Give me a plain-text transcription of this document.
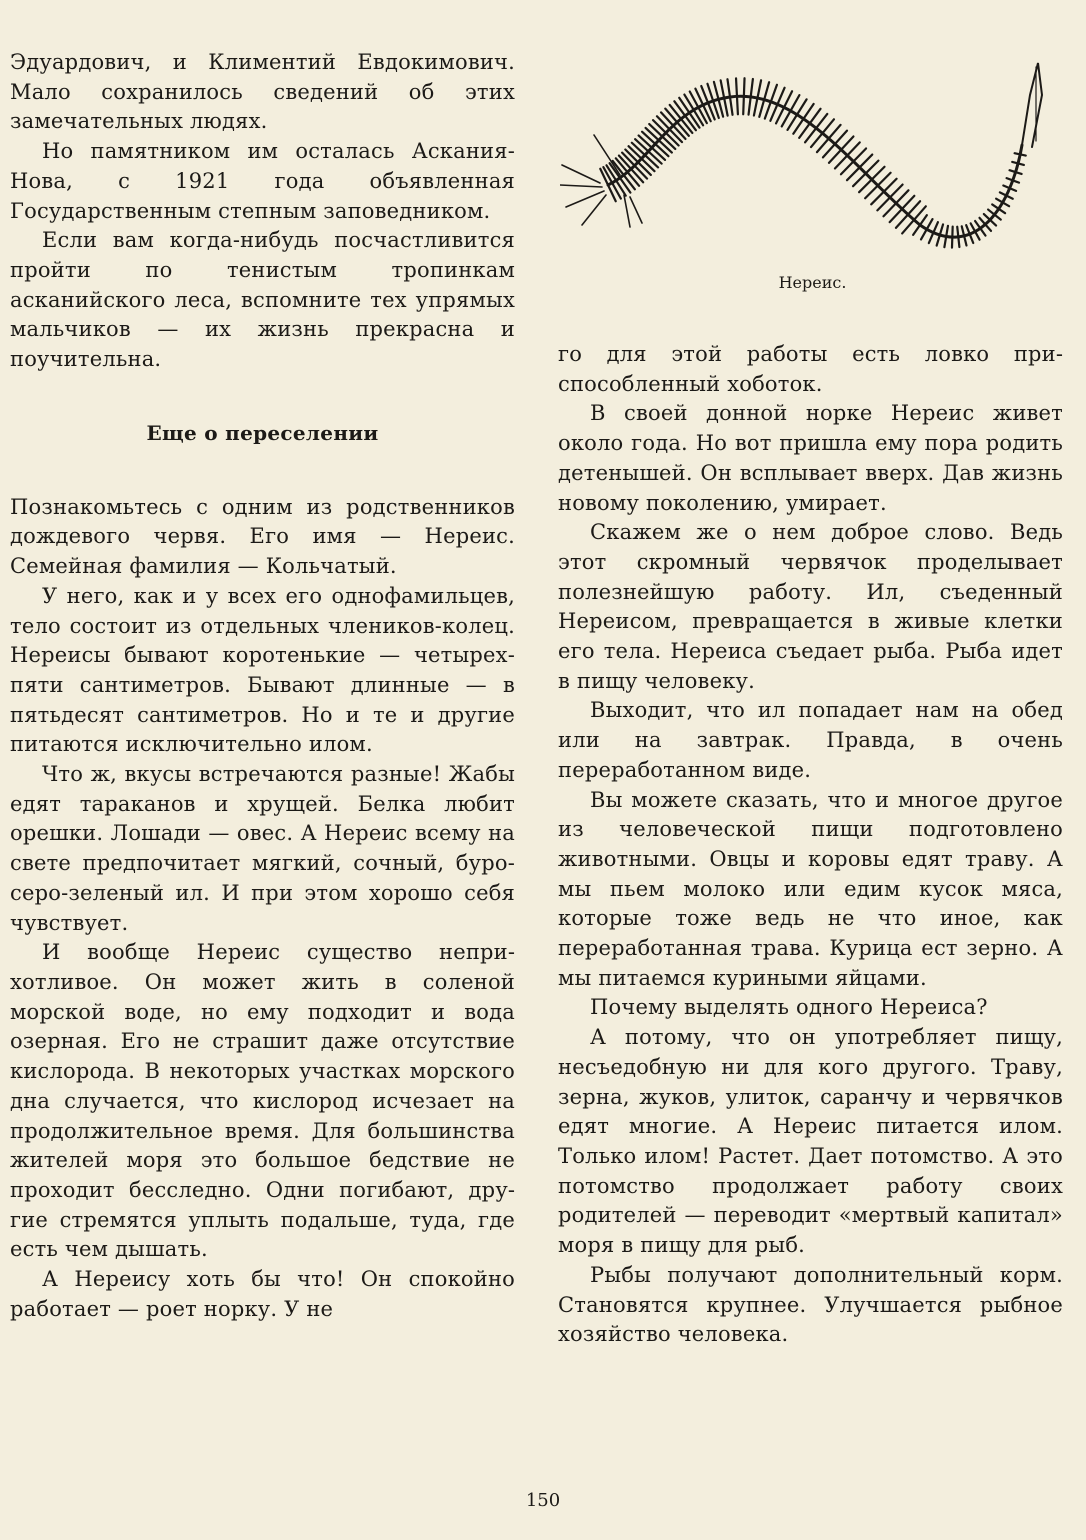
Эдуардович, и Климентий Евдокимович. Мало сохранилось сведений об этих замечательных людях.

Но памятником им осталась Аскания-Нова, с 1921 года объявленная Государственным степным заповедником.

Если вам когда-нибудь посчастливится пройти по тенистым тропинкам асканийского леса, вспомните тех упрямых мальчиков — их жизнь прекрасна и поучительна.

Еще о переселении

Познакомьтесь с одним из родственников дождевого червя. Его имя — Нереис. Семейная фамилия — Кольчатый.

У него, как и у всех его однофамильцев, тело состоит из отдельных члеников-колец. Нереисы бывают коротенькие — четырех-пяти сантиметров. Бывают длинные — в пятьдесят сантиметров. Но и те и другие питаются исключительно илом.

Что ж, вкусы встречаются разные! Жабы едят тараканов и хрущей. Белка любит орешки. Лошади — овес. А Нереис всему на свете предпочитает мягкий, сочный, буро-серо-зеленый ил. И при этом хорошо себя чувствует.

И вообще Нереис существо неприхотливое. Он может жить в соленой морской воде, но ему подходит и вода озерная. Его не страшит даже отсутствие кислорода. В некоторых участках морского дна случается, что кислород исчезает на продолжительное время. Для большинства жителей моря это большое бедствие не проходит бесследно. Одни погибают, другие стремятся уплыть подальше, туда, где есть чем дышать.

А Нереису хоть бы что! Он спокойно работает — роет норку. У не

Нереис.

го для этой работы есть ловко приспособленный хоботок.

В своей донной норке Нереис живет около года. Но вот пришла ему пора родить детенышей. Он всплывает вверх. Дав жизнь новому поколению, умирает.

Скажем же о нем доброе слово. Ведь этот скромный червячок проделывает полезнейшую работу. Ил, съеденный Нереисом, превращается в живые клетки его тела. Нереиса съедает рыба. Рыба идет в пищу человеку.

Выходит, что ил попадает нам на обед или на завтрак. Правда, в очень переработанном виде.

Вы можете сказать, что и многое другое из человеческой пищи подготовлено животными. Овцы и коровы едят траву. А мы пьем молоко или едим кусок мяса, которые тоже ведь не что иное, как переработанная трава. Курица ест зерно. А мы питаемся куриными яйцами.

Почему выделять одного Нереиса?

А потому, что он употребляет пищу, несъедобную ни для кого другого. Траву, зерна, жуков, улиток, саранчу и червячков едят многие. А Нереис питается илом. Только илом! Растет. Дает потомство. А это потомство продолжает работу своих родителей — переводит «мертвый капитал» моря в пищу для рыб.

Рыбы получают дополнительный корм. Становятся крупнее. Улучшается рыбное хозяйство человека.

150
